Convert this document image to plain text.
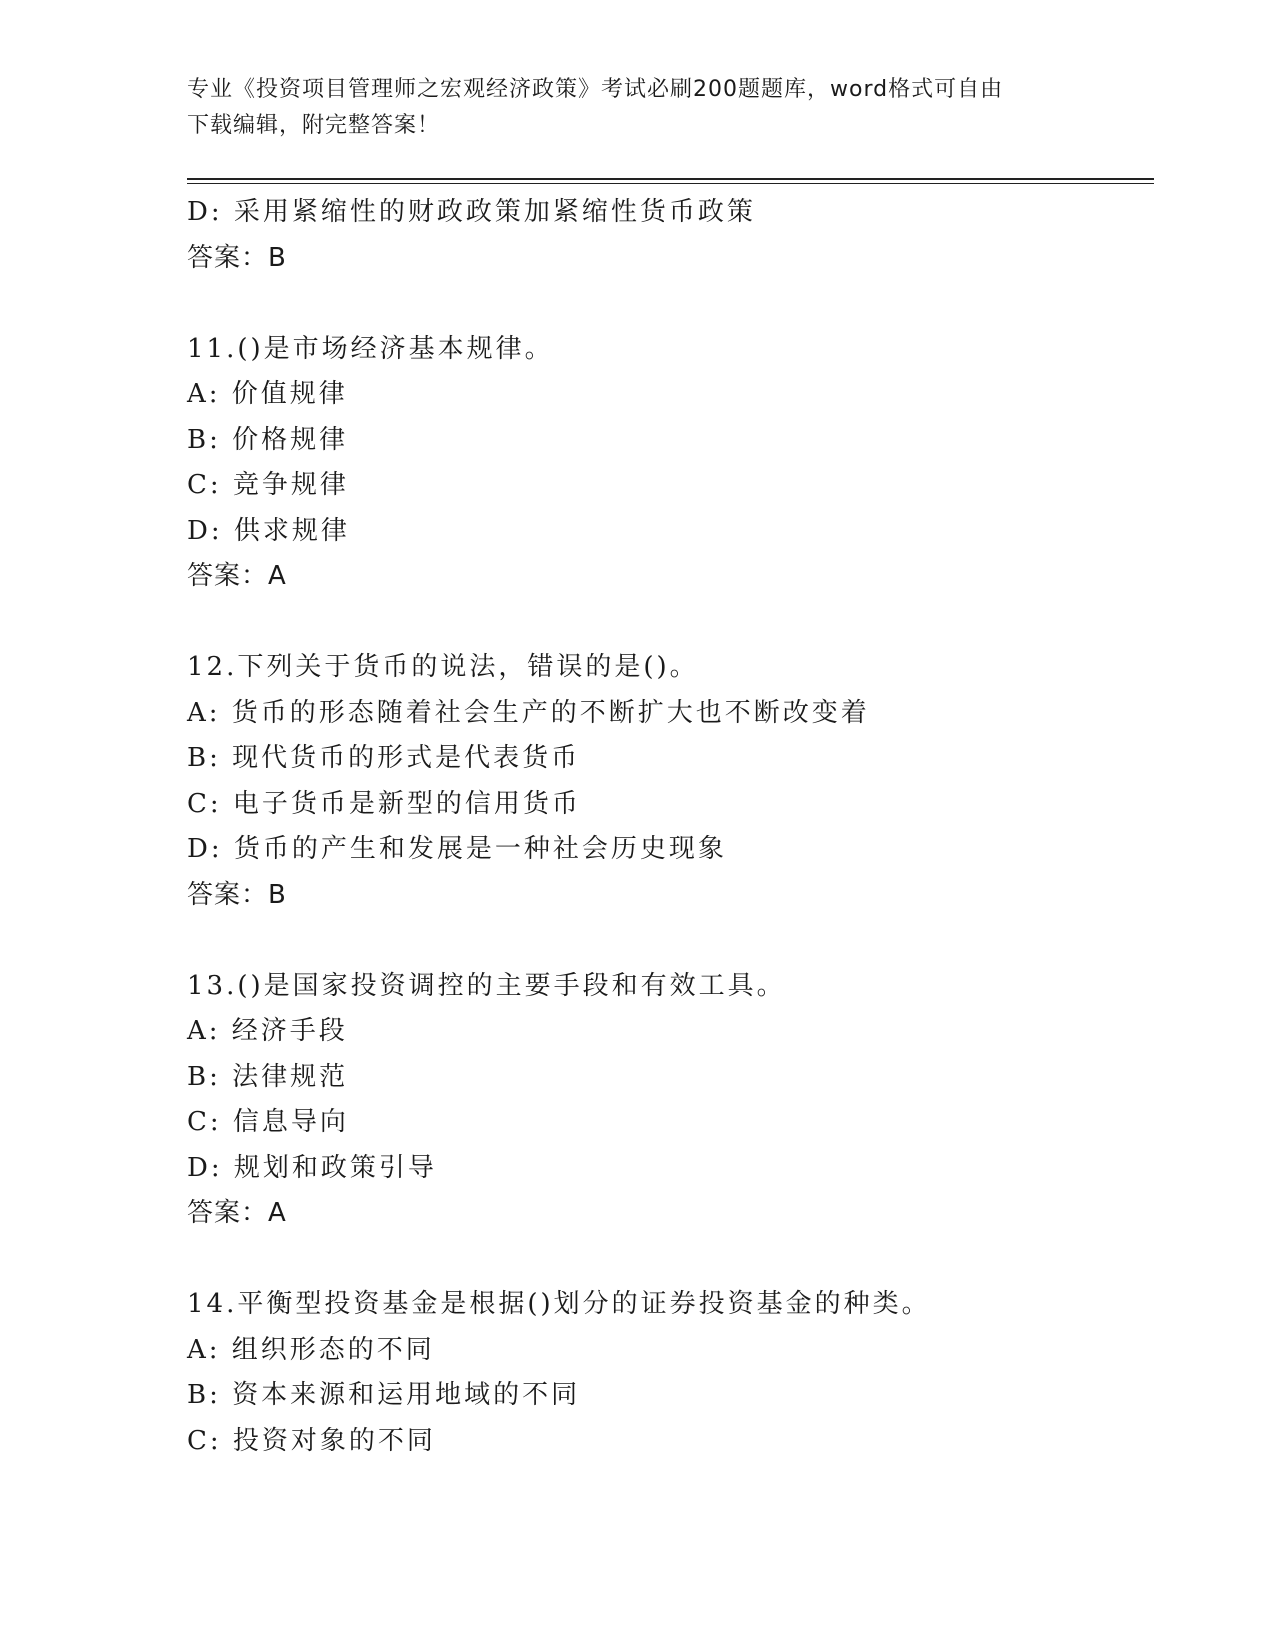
专业《投资项目管理师之宏观经济政策》考试必刷200题题库，word格式可自由
下载编辑，附完整答案！
D: 采用紧缩性的财政政策加紧缩性货币政策
答案：B
11.()是市场经济基本规律。
A: 价值规律
B: 价格规律
C: 竞争规律
D: 供求规律
答案：A
12.下列关于货币的说法，错误的是()。
A: 货币的形态随着社会生产的不断扩大也不断改变着
B: 现代货币的形式是代表货币
C: 电子货币是新型的信用货币
D: 货币的产生和发展是一种社会历史现象
答案：B
13.()是国家投资调控的主要手段和有效工具。
A: 经济手段
B: 法律规范
C: 信息导向
D: 规划和政策引导
答案：A
14.平衡型投资基金是根据()划分的证券投资基金的种类。
A: 组织形态的不同
B: 资本来源和运用地域的不同
C: 投资对象的不同
